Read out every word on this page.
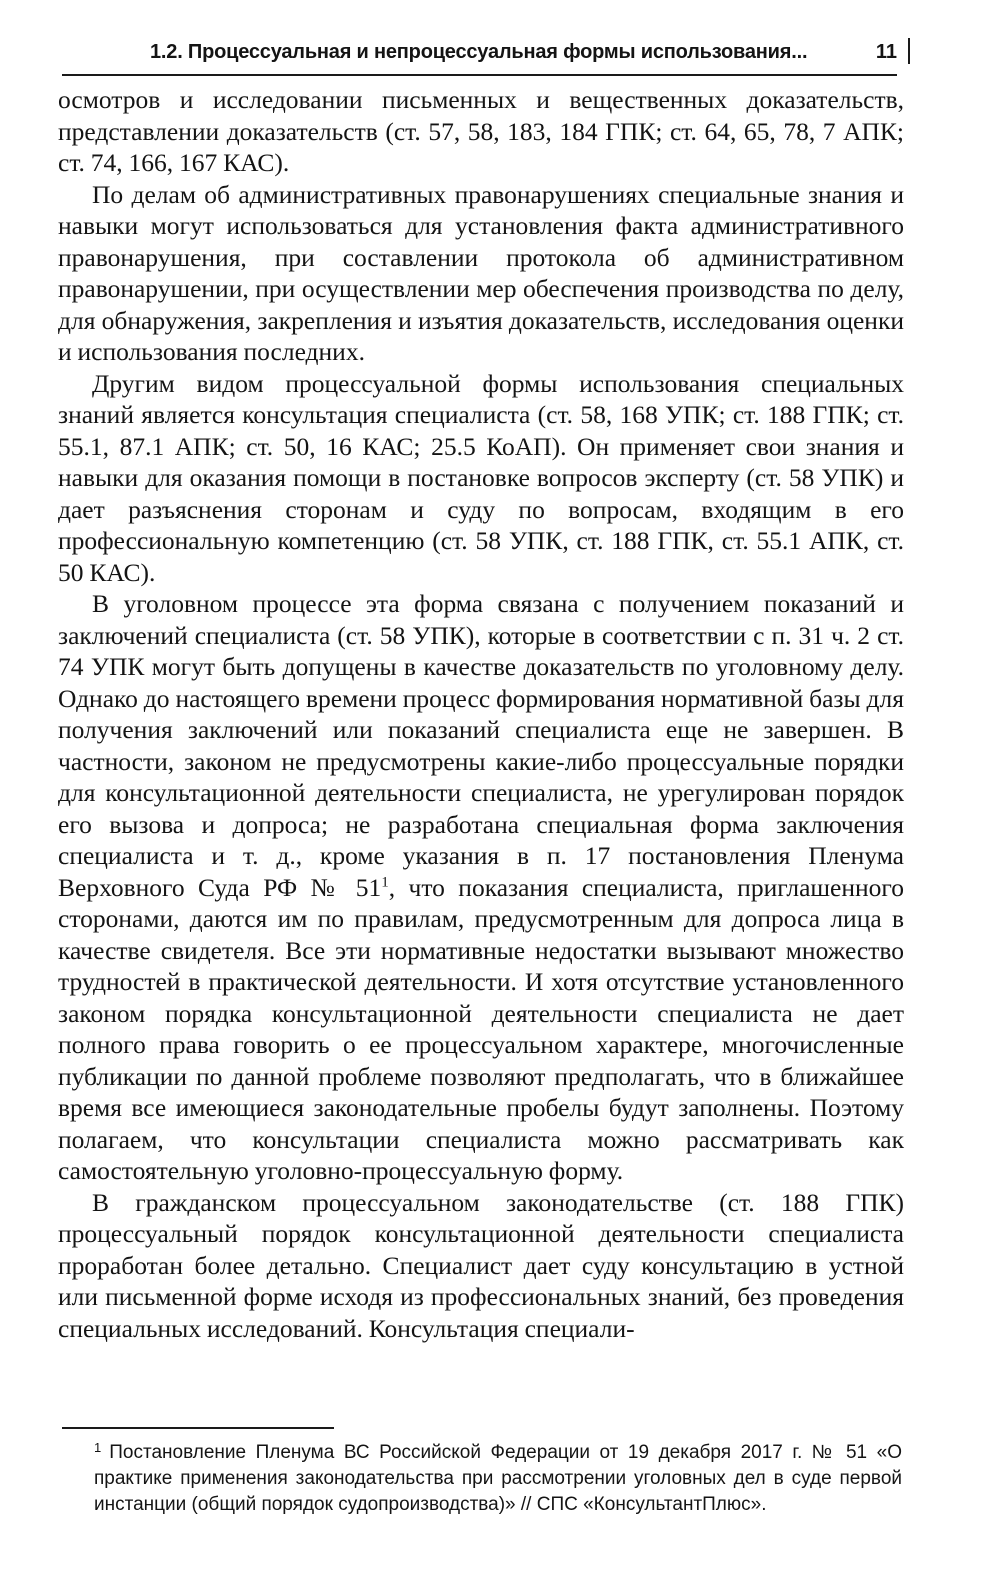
1.2. Процессуальная и непроцессуальная формы использования...	11

осмотров и исследовании письменных и вещественных доказательств, представлении доказательств (ст. 57, 58, 183, 184 ГПК; ст. 64, 65, 78, 7 АПК; ст. 74, 166, 167 КАС).

По делам об административных правонарушениях специальные знания и навыки могут использоваться для установления факта административного правонарушения, при составлении протокола об административном правонарушении, при осуществлении мер обеспечения производства по делу, для обнаружения, закрепления и изъятия доказательств, исследования оценки и использования последних.

Другим видом процессуальной формы использования специальных знаний является консультация специалиста (ст. 58, 168 УПК; ст. 188 ГПК; ст. 55.1, 87.1 АПК; ст. 50, 16 КАС; 25.5 КоАП). Он применяет свои знания и навыки для оказания помощи в постановке вопросов эксперту (ст. 58 УПК) и дает разъяснения сторонам и суду по вопросам, входящим в его профессиональную компетенцию (ст. 58 УПК, ст. 188 ГПК, ст. 55.1 АПК, ст. 50 КАС).

В уголовном процессе эта форма связана с получением показаний и заключений специалиста (ст. 58 УПК), которые в соответствии с п. 31 ч. 2 ст. 74 УПК могут быть допущены в качестве доказательств по уголовному делу. Однако до настоящего времени процесс формирования нормативной базы для получения заключений или показаний специалиста еще не завершен. В частности, законом не предусмотрены какие-либо процессуальные порядки для консультационной деятельности специалиста, не урегулирован порядок его вызова и допроса; не разработана специальная форма заключения специалиста и т. д., кроме указания в п. 17 постановления Пленума Верховного Суда РФ № $51^1$, что показания специалиста, приглашенного сторонами, даются им по правилам, предусмотренным для допроса лица в качестве свидетеля. Все эти нормативные недостатки вызывают множество трудностей в практической деятельности. И хотя отсутствие установленного законом порядка консультационной деятельности специалиста не дает полного права говорить о ее процессуальном характере, многочисленные публикации по данной проблеме позволяют предполагать, что в ближайшее время все имеющиеся законодательные пробелы будут заполнены. Поэтому полагаем, что консультации специалиста можно рассматривать как самостоятельную уголовно-процессуальную форму.

В гражданском процессуальном законодательстве (ст. 188 ГПК) процессуальный порядок консультационной деятельности специалиста проработан более детально. Специалист дает суду консультацию в устной или письменной форме исходя из профессиональных знаний, без проведения специальных исследований. Консультация специали-

$^1$ Постановление Пленума ВС Российской Федерации от 19 декабря 2017 г. № 51 «О практике применения законодательства при рассмотрении уголовных дел в суде первой инстанции (общий порядок судопроизводства)» // СПС «КонсультантПлюс».
